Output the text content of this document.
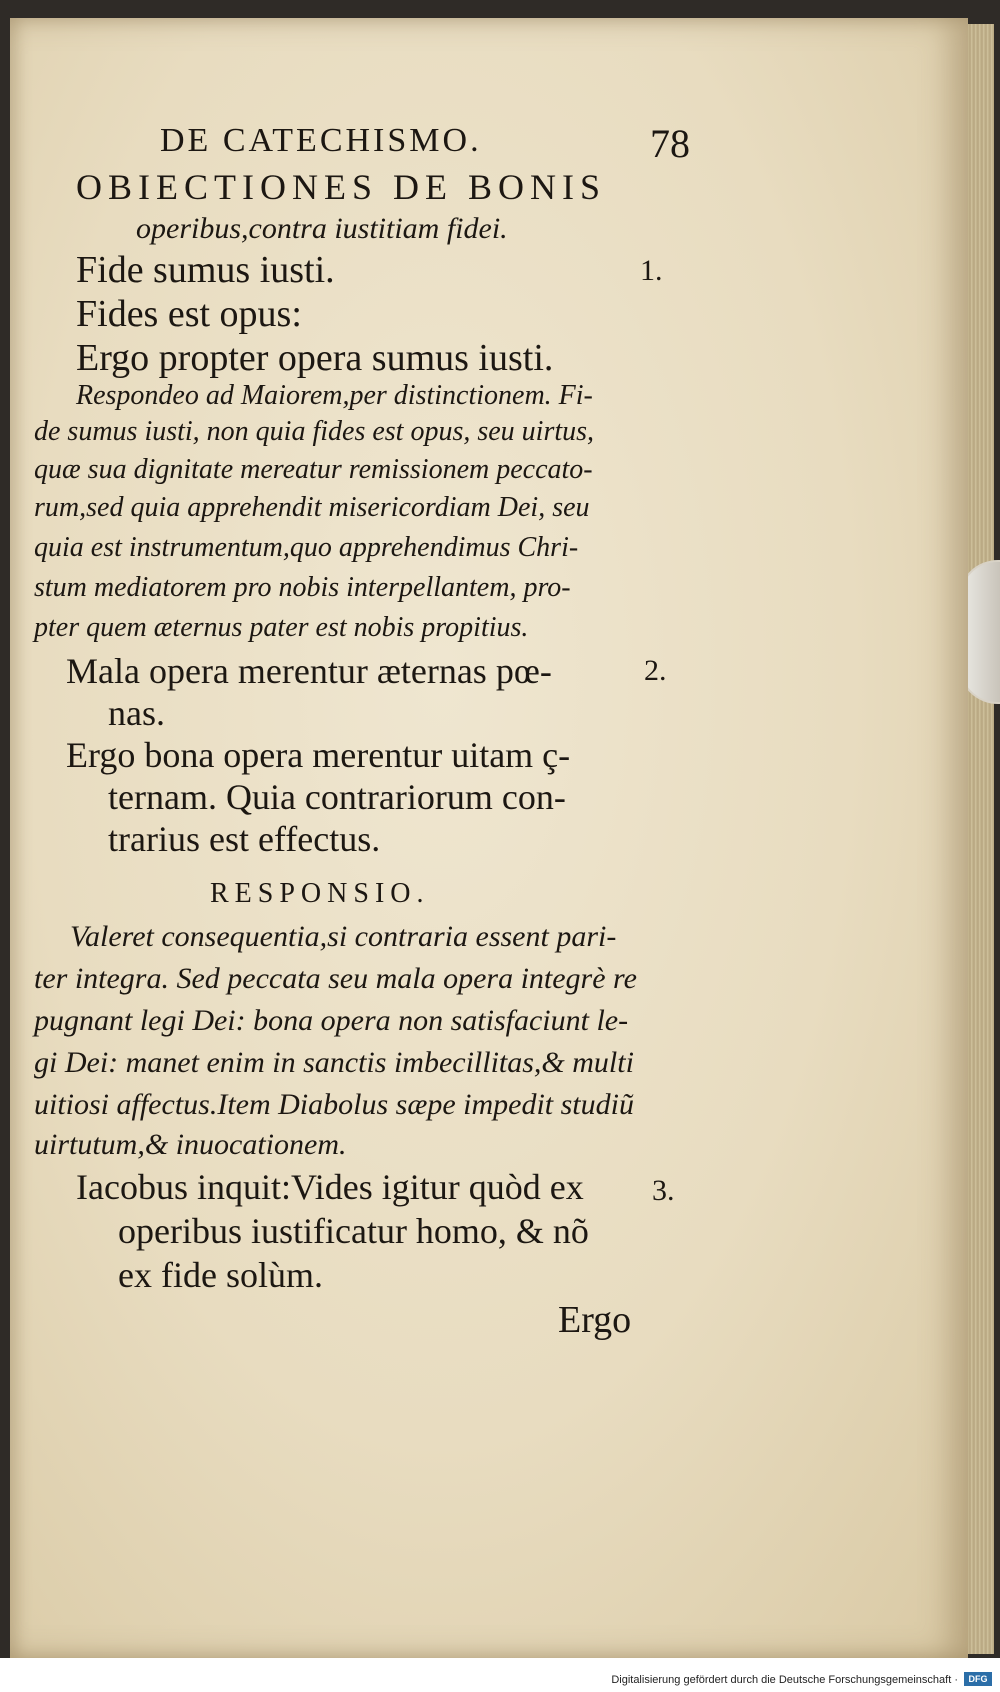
DE CATECHISMO.	78
OBIECTIONES DE BONIS
operibus,contra iustitiam fidei.
1.
Fide sumus iusti.
Fides est opus:
Ergo propter opera sumus iusti.
Respondeo ad Maiorem,per distinctionem. Fi-
de sumus iusti, non quia fides est opus, seu uirtus,
quæ sua dignitate mereatur remissionem peccato-
rum,sed quia apprehendit misericordiam Dei, seu
quia est instrumentum,quo apprehendimus Chri-
stum mediatorem pro nobis interpellantem, pro-
pter quem æternus pater est nobis propitius.
2.
Mala opera merentur æternas pœ-
nas.
Ergo bona opera merentur uitam ç-
ternam. Quia contrariorum con-
trarius est effectus.
RESPONSIO.
Valeret consequentia,si contraria essent pari-
ter integra. Sed peccata seu mala opera integrè re
pugnant legi Dei: bona opera non satisfaciunt le-
gi Dei: manet enim in sanctis imbecillitas,& multi
uitiosi affectus.Item Diabolus sæpe impedit studiũ
uirtutum,& inuocationem.
3.
Iacobus inquit:Vides igitur quòd ex
operibus iustificatur homo, & nõ
ex fide solùm.
Ergo
Digitalisierung gefördert durch die Deutsche Forschungsgemeinschaft ·	DFG
